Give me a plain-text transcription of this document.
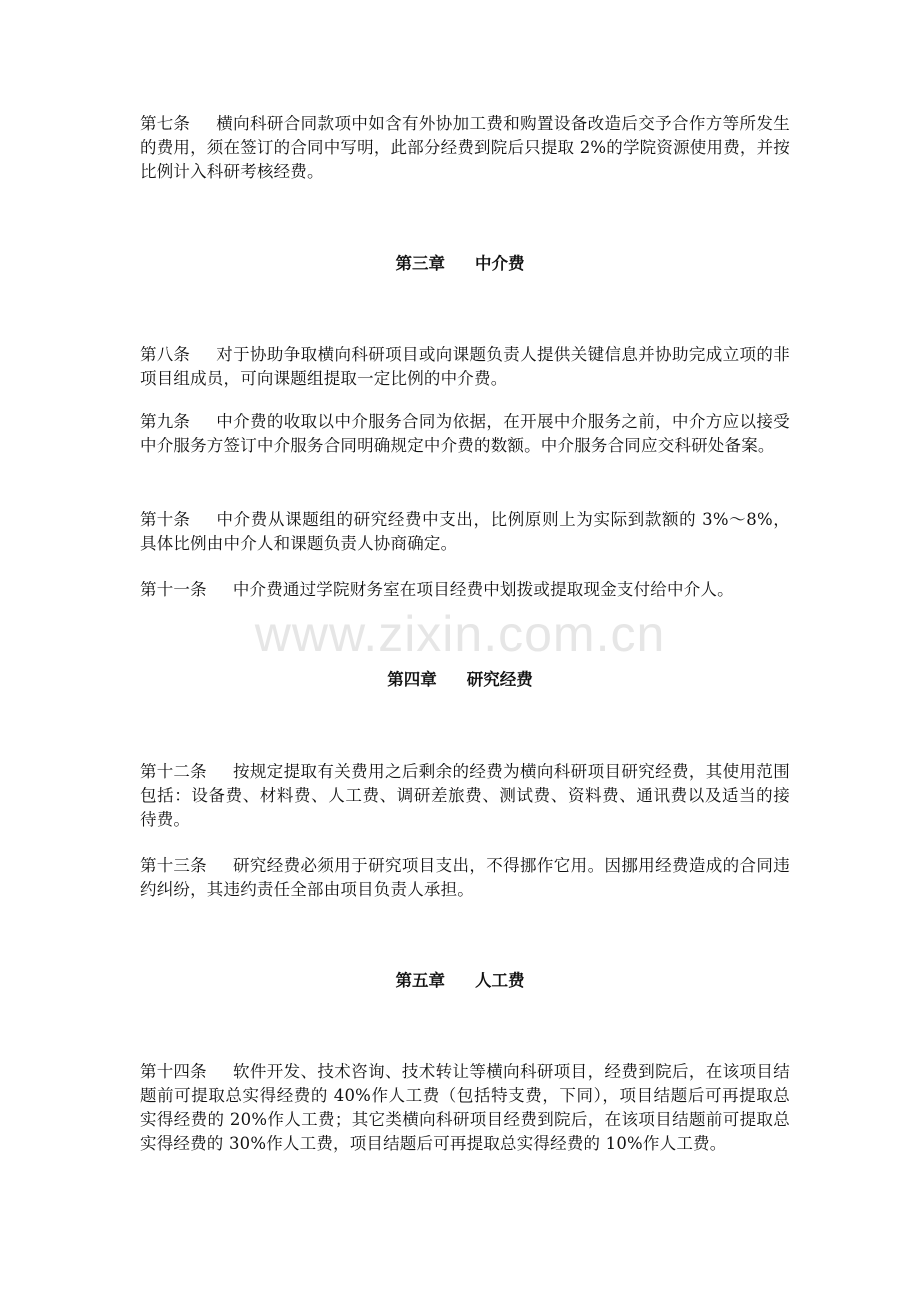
www.zixin.com.cn

第七条 横向科研合同款项中如含有外协加工费和购置设备改造后交予合作方等所发生的费用，须在签订的合同中写明，此部分经费到院后只提取 2%的学院资源使用费，并按比例计入科研考核经费。

第三章 中介费

第八条 对于协助争取横向科研项目或向课题负责人提供关键信息并协助完成立项的非项目组成员，可向课题组提取一定比例的中介费。

第九条 中介费的收取以中介服务合同为依据，在开展中介服务之前，中介方应以接受中介服务方签订中介服务合同明确规定中介费的数额。中介服务合同应交科研处备案。

第十条 中介费从课题组的研究经费中支出，比例原则上为实际到款额的 3%～8%，具体比例由中介人和课题负责人协商确定。

第十一条 中介费通过学院财务室在项目经费中划拨或提取现金支付给中介人。

第四章 研究经费

第十二条 按规定提取有关费用之后剩余的经费为横向科研项目研究经费，其使用范围包括：设备费、材料费、人工费、调研差旅费、测试费、资料费、通讯费以及适当的接待费。

第十三条 研究经费必须用于研究项目支出，不得挪作它用。因挪用经费造成的合同违约纠纷，其违约责任全部由项目负责人承担。

第五章 人工费

第十四条 软件开发、技术咨询、技术转让等横向科研项目，经费到院后，在该项目结题前可提取总实得经费的 40%作人工费（包括特支费，下同），项目结题后可再提取总实得经费的 20%作人工费；其它类横向科研项目经费到院后，在该项目结题前可提取总实得经费的 30%作人工费，项目结题后可再提取总实得经费的 10%作人工费。
